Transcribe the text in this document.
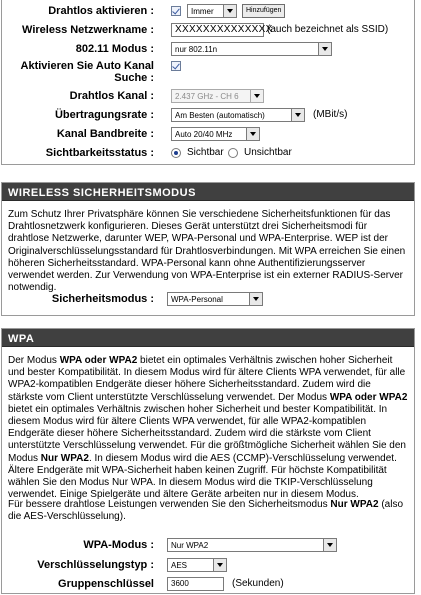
Drahtlos aktivieren :	Immer	Hinzufügen
Wireless Netzwerkname :	XXXXXXXXXXXXXX
(auch bezeichnet als SSID)
802.11 Modus :	nur 802.11n
Aktivieren Sie Auto Kanal
Suche :
Drahtlos Kanal :	2.437 GHz - CH 6
Übertragungsrate :	Am Besten (automatisch)	(MBit/s)
Kanal Bandbreite :	Auto 20/40 MHz
Sichtbarkeitsstatus :	Sichtbar Unsichtbar
WIRELESS SICHERHEITSMODUS
Zum Schutz Ihrer Privatsphäre können Sie verschiedene Sicherheitsfunktionen für das Drahtlosnetzwerk konfigurieren. Dieses Gerät unterstützt drei Sicherheitsmodi für drahtlose Netzwerke, darunter WEP, WPA-Personal und WPA-Enterprise. WEP ist der Originalverschlüsselungsstandard für Drahtlosverbindungen. Mit WPA erreichen Sie einen höheren Sicherheitsstandard. WPA-Personal kann ohne Authentifizierungsserver verwendet werden. Zur Verwendung von WPA-Enterprise ist ein externer RADIUS-Server notwendig.
Sicherheitsmodus :	WPA-Personal
WPA
Der Modus WPA oder WPA2 bietet ein optimales Verhältnis zwischen hoher Sicherheit und bester Kompatibilität. In diesem Modus wird für ältere Clients WPA verwendet, für alle WPA2-kompatiblen Endgeräte dieser höhere Sicherheitsstandard. Zudem wird die stärkste vom Client unterstützte Verschlüsselung verwendet. Der Modus WPA oder WPA2 bietet ein optimales Verhältnis zwischen hoher Sicherheit und bester Kompatibilität. In diesem Modus wird für ältere Clients WPA verwendet, für alle WPA2-kompatiblen Endgeräte dieser höhere Sicherheitsstandard. Zudem wird die stärkste vom Client unterstützte Verschlüsselung verwendet. Für die größtmögliche Sicherheit wählen Sie den Modus Nur WPA2. In diesem Modus wird die AES (CCMP)-Verschlüsselung verwendet. Ältere Endgeräte mit WPA-Sicherheit haben keinen Zugriff. Für höchste Kompatibilität wählen Sie den Modus Nur WPA. In diesem Modus wird die TKIP-Verschlüsselung verwendet. Einige Spielgeräte und ältere Geräte arbeiten nur in diesem Modus.
Für bessere drahtlose Leistungen verwenden Sie den Sicherheitsmodus Nur WPA2 (also die AES-Verschlüsselung).
WPA-Modus :	Nur WPA2
Verschlüsselungstyp :	AES
Gruppenschlüssel	3600	(Sekunden)
